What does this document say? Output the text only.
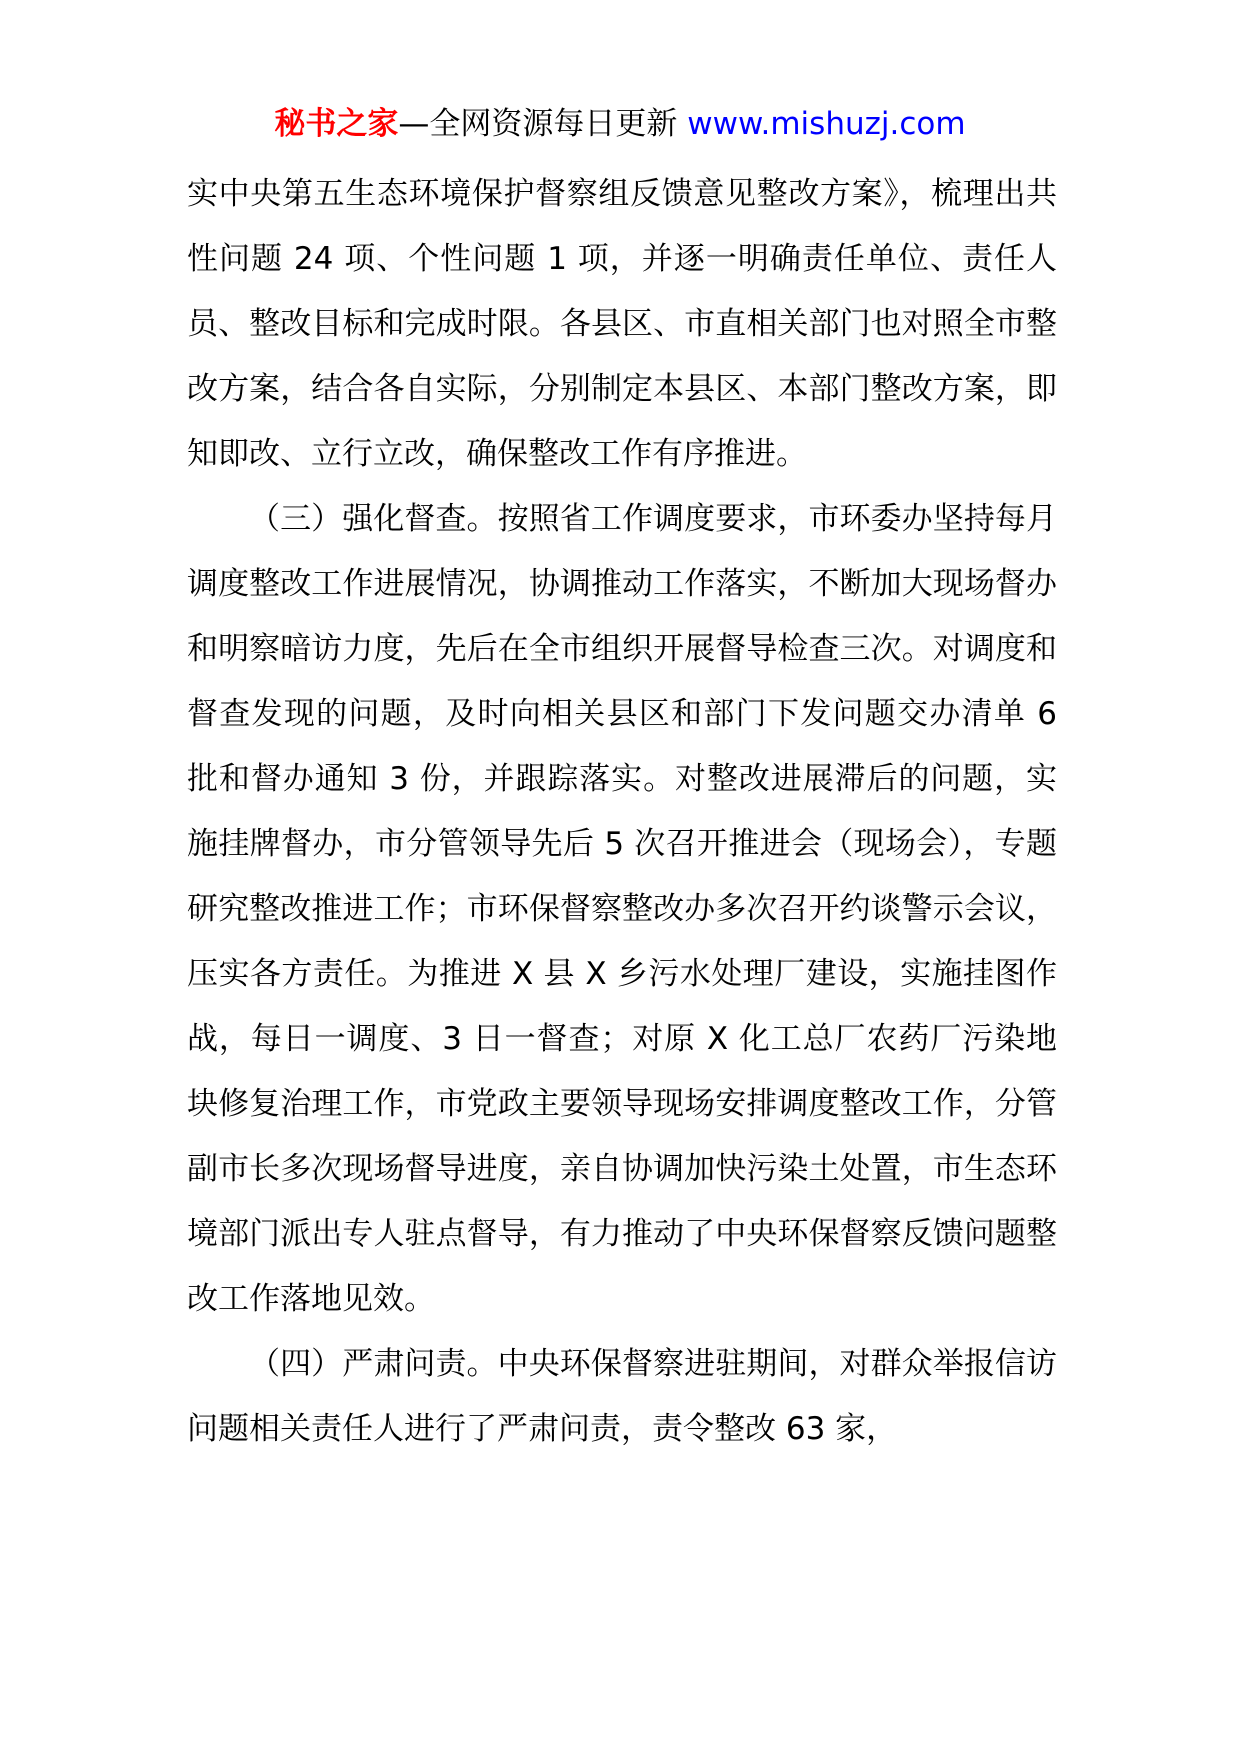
秘书之家—全网资源每日更新 www.mishuzj.com

实中央第五生态环境保护督察组反馈意见整改方案》，梳理出共性问题 24 项、个性问题 1 项，并逐一明确责任单位、责任人员、整改目标和完成时限。各县区、市直相关部门也对照全市整改方案，结合各自实际，分别制定本县区、本部门整改方案，即知即改、立行立改，确保整改工作有序推进。

（三）强化督查。按照省工作调度要求，市环委办坚持每月调度整改工作进展情况，协调推动工作落实，不断加大现场督办和明察暗访力度，先后在全市组织开展督导检查三次。对调度和督查发现的问题，及时向相关县区和部门下发问题交办清单 6 批和督办通知 3 份，并跟踪落实。对整改进展滞后的问题，实施挂牌督办，市分管领导先后 5 次召开推进会（现场会），专题研究整改推进工作；市环保督察整改办多次召开约谈警示会议，压实各方责任。为推进 X 县 X 乡污水处理厂建设，实施挂图作战，每日一调度、3 日一督查；对原 X 化工总厂农药厂污染地块修复治理工作，市党政主要领导现场安排调度整改工作，分管副市长多次现场督导进度，亲自协调加快污染土处置，市生态环境部门派出专人驻点督导，有力推动了中央环保督察反馈问题整改工作落地见效。

（四）严肃问责。中央环保督察进驻期间，对群众举报信访问题相关责任人进行了严肃问责，责令整改 63 家，
